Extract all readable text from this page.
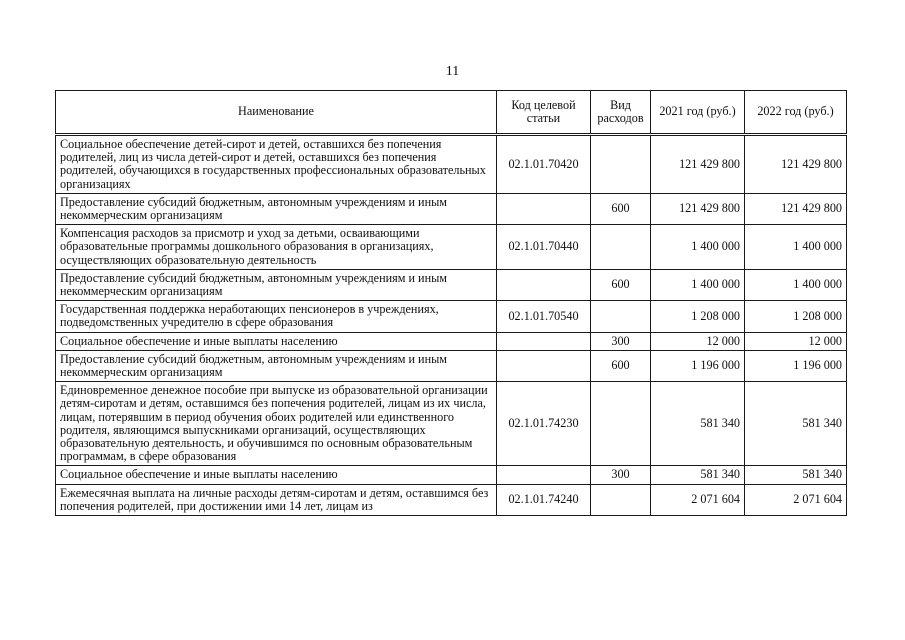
11
Наименование	Код целевой статьи	Вид расходов	2021 год (руб.)	2022 год (руб.)
Социальное обеспечение детей-сирот и детей, оставшихся без попечения родителей, лиц из числа детей-сирот и детей, оставшихся без попечения родителей, обучающихся в государственных профессиональных образовательных организациях	02.1.01.70420		121 429 800	121 429 800
Предоставление субсидий бюджетным, автономным учреждениям и иным некоммерческим организациям		600	121 429 800	121 429 800
Компенсация расходов за присмотр и уход за детьми, осваивающими образовательные программы дошкольного образования в организациях, осуществляющих образовательную деятельность	02.1.01.70440		1 400 000	1 400 000
Предоставление субсидий бюджетным, автономным учреждениям и иным некоммерческим организациям		600	1 400 000	1 400 000
Государственная поддержка неработающих пенсионеров в учреждениях, подведомственных учредителю в сфере образования	02.1.01.70540		1 208 000	1 208 000
Социальное обеспечение и иные выплаты населению		300	12 000	12 000
Предоставление субсидий бюджетным, автономным учреждениям и иным некоммерческим организациям		600	1 196 000	1 196 000
Единовременное денежное пособие при выпуске из образовательной организации детям-сиротам и детям, оставшимся без попечения родителей, лицам из их числа, лицам, потерявшим в период обучения обоих родителей или единственного родителя, являющимся выпускниками организаций, осуществляющих образовательную деятельность, и обучившимся по основным образовательным программам, в сфере образования	02.1.01.74230		581 340	581 340
Социальное обеспечение и иные выплаты населению		300	581 340	581 340
Ежемесячная выплата на личные расходы детям-сиротам и детям, оставшимся без попечения родителей, при достижении ими 14 лет, лицам из	02.1.01.74240		2 071 604	2 071 604
